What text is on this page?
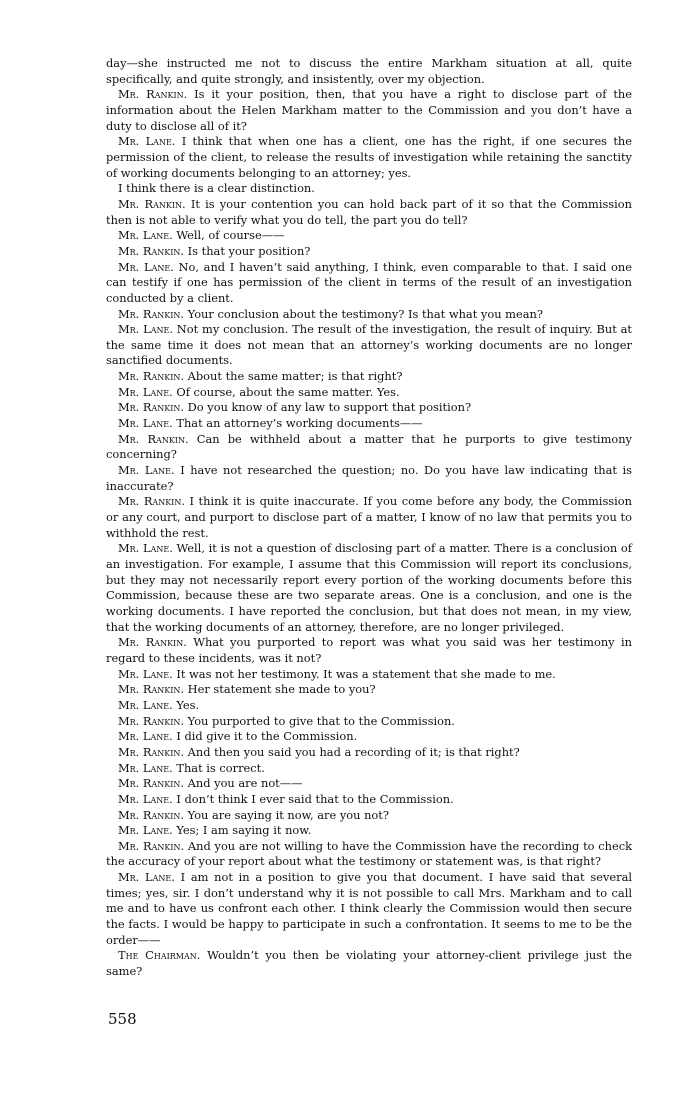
day—she instructed me not to discuss the entire Markham situation at all, quite specifically, and quite strongly, and insistently, over my objection.

Mr. Rankin. Is it your position, then, that you have a right to disclose part of the information about the Helen Markham matter to the Commission and you don’t have a duty to disclose all of it?

Mr. Lane. I think that when one has a client, one has the right, if one secures the permission of the client, to release the results of investigation while retaining the sanctity of working documents belonging to an attorney; yes.

I think there is a clear distinction.

Mr. Rankin. It is your contention you can hold back part of it so that the Commission then is not able to verify what you do tell, the part you do tell?

Mr. Lane. Well, of course——

Mr. Rankin. Is that your position?

Mr. Lane. No, and I haven’t said anything, I think, even comparable to that. I said one can testify if one has permission of the client in terms of the result of an investigation conducted by a client.

Mr. Rankin. Your conclusion about the testimony? Is that what you mean?

Mr. Lane. Not my conclusion. The result of the investigation, the result of inquiry. But at the same time it does not mean that an attorney’s working documents are no longer sanctified documents.

Mr. Rankin. About the same matter; is that right?

Mr. Lane. Of course, about the same matter. Yes.

Mr. Rankin. Do you know of any law to support that position?

Mr. Lane. That an attorney’s working documents——

Mr. Rankin. Can be withheld about a matter that he purports to give testimony concerning?

Mr. Lane. I have not researched the question; no. Do you have law indicating that is inaccurate?

Mr. Rankin. I think it is quite inaccurate. If you come before any body, the Commission or any court, and purport to disclose part of a matter, I know of no law that permits you to withhold the rest.

Mr. Lane. Well, it is not a question of disclosing part of a matter. There is a conclusion of an investigation. For example, I assume that this Commission will report its conclusions, but they may not necessarily report every portion of the working documents before this Commission, because these are two separate areas. One is a conclusion, and one is the working documents. I have reported the conclusion, but that does not mean, in my view, that the working documents of an attorney, therefore, are no longer privileged.

Mr. Rankin. What you purported to report was what you said was her testimony in regard to these incidents, was it not?

Mr. Lane. It was not her testimony. It was a statement that she made to me.

Mr. Rankin. Her statement she made to you?

Mr. Lane. Yes.

Mr. Rankin. You purported to give that to the Commission.

Mr. Lane. I did give it to the Commission.

Mr. Rankin. And then you said you had a recording of it; is that right?

Mr. Lane. That is correct.

Mr. Rankin. And you are not——

Mr. Lane. I don’t think I ever said that to the Commission.

Mr. Rankin. You are saying it now, are you not?

Mr. Lane. Yes; I am saying it now.

Mr. Rankin. And you are not willing to have the Commission have the recording to check the accuracy of your report about what the testimony or statement was, is that right?

Mr. Lane. I am not in a position to give you that document. I have said that several times; yes, sir. I don’t understand why it is not possible to call Mrs. Markham and to call me and to have us confront each other. I think clearly the Commission would then secure the facts. I would be happy to participate in such a confrontation. It seems to me to be the order——

The Chairman. Wouldn’t you then be violating your attorney-client privilege just the same?

558
